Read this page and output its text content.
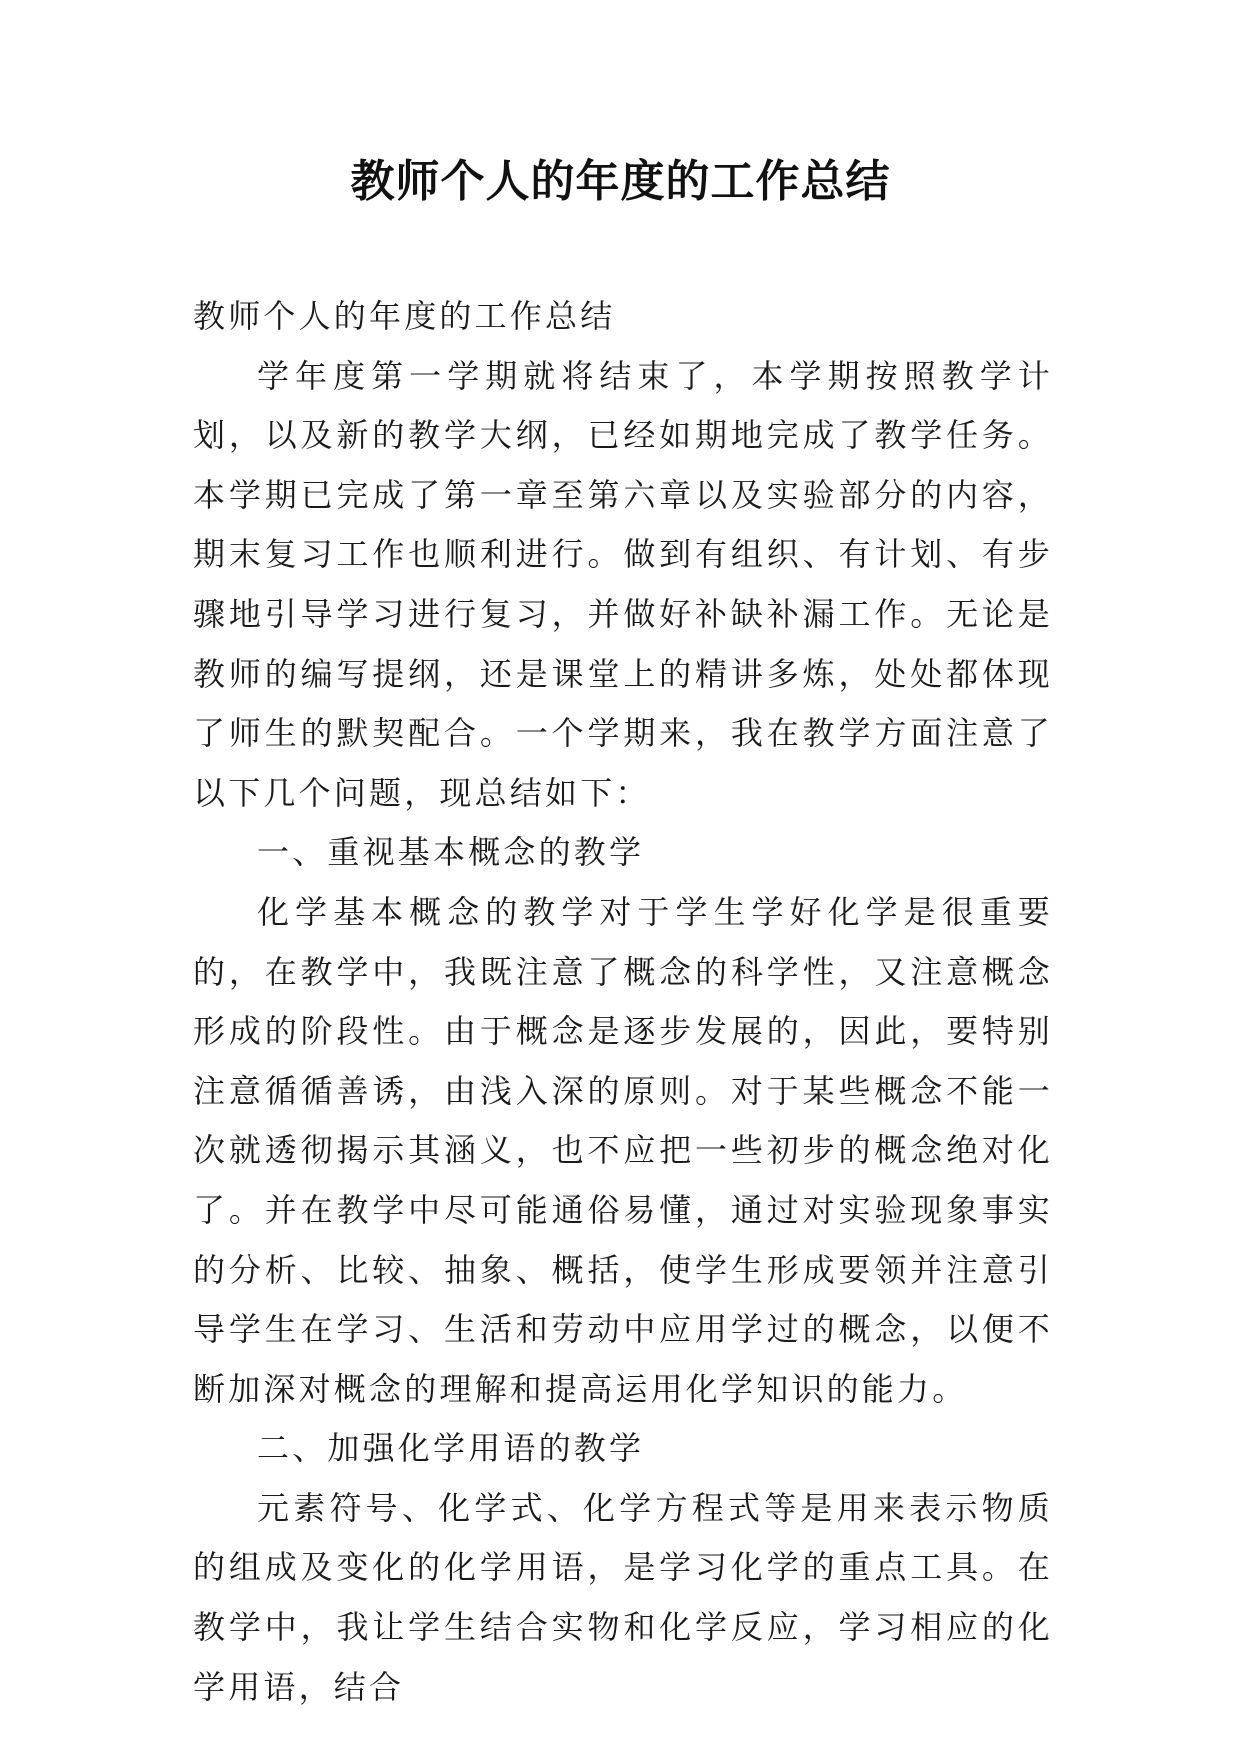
教师个人的年度的工作总结

教师个人的年度的工作总结

学年度第一学期就将结束了，本学期按照教学计划，以及新的教学大纲，已经如期地完成了教学任务。本学期已完成了第一章至第六章以及实验部分的内容，期末复习工作也顺利进行。做到有组织、有计划、有步骤地引导学习进行复习，并做好补缺补漏工作。无论是教师的编写提纲，还是课堂上的精讲多炼，处处都体现了师生的默契配合。一个学期来，我在教学方面注意了以下几个问题，现总结如下：

一、重视基本概念的教学

化学基本概念的教学对于学生学好化学是很重要的，在教学中，我既注意了概念的科学性，又注意概念形成的阶段性。由于概念是逐步发展的，因此，要特别注意循循善诱，由浅入深的原则。对于某些概念不能一次就透彻揭示其涵义，也不应把一些初步的概念绝对化了。并在教学中尽可能通俗易懂，通过对实验现象事实的分析、比较、抽象、概括，使学生形成要领并注意引导学生在学习、生活和劳动中应用学过的概念，以便不断加深对概念的理解和提高运用化学知识的能力。

二、加强化学用语的教学

元素符号、化学式、化学方程式等是用来表示物质的组成及变化的化学用语，是学习化学的重点工具。在教学中，我让学生结合实物和化学反应，学习相应的化学用语，结合
